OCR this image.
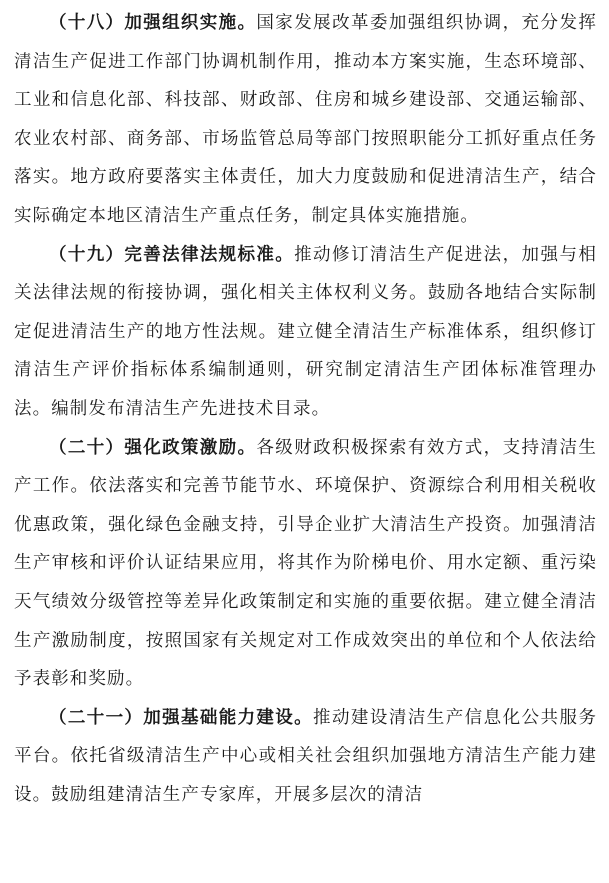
（十八）加强组织实施。国家发展改革委加强组织协调，充分发挥清洁生产促进工作部门协调机制作用，推动本方案实施，生态环境部、工业和信息化部、科技部、财政部、住房和城乡建设部、交通运输部、农业农村部、商务部、市场监管总局等部门按照职能分工抓好重点任务落实。地方政府要落实主体责任，加大力度鼓励和促进清洁生产，结合实际确定本地区清洁生产重点任务，制定具体实施措施。

（十九）完善法律法规标准。推动修订清洁生产促进法，加强与相关法律法规的衔接协调，强化相关主体权利义务。鼓励各地结合实际制定促进清洁生产的地方性法规。建立健全清洁生产标准体系，组织修订清洁生产评价指标体系编制通则，研究制定清洁生产团体标准管理办法。编制发布清洁生产先进技术目录。

（二十）强化政策激励。各级财政积极探索有效方式，支持清洁生产工作。依法落实和完善节能节水、环境保护、资源综合利用相关税收优惠政策，强化绿色金融支持，引导企业扩大清洁生产投资。加强清洁生产审核和评价认证结果应用，将其作为阶梯电价、用水定额、重污染天气绩效分级管控等差异化政策制定和实施的重要依据。建立健全清洁生产激励制度，按照国家有关规定对工作成效突出的单位和个人依法给予表彰和奖励。

（二十一）加强基础能力建设。推动建设清洁生产信息化公共服务平台。依托省级清洁生产中心或相关社会组织加强地方清洁生产能力建设。鼓励组建清洁生产专家库，开展多层次的清洁
